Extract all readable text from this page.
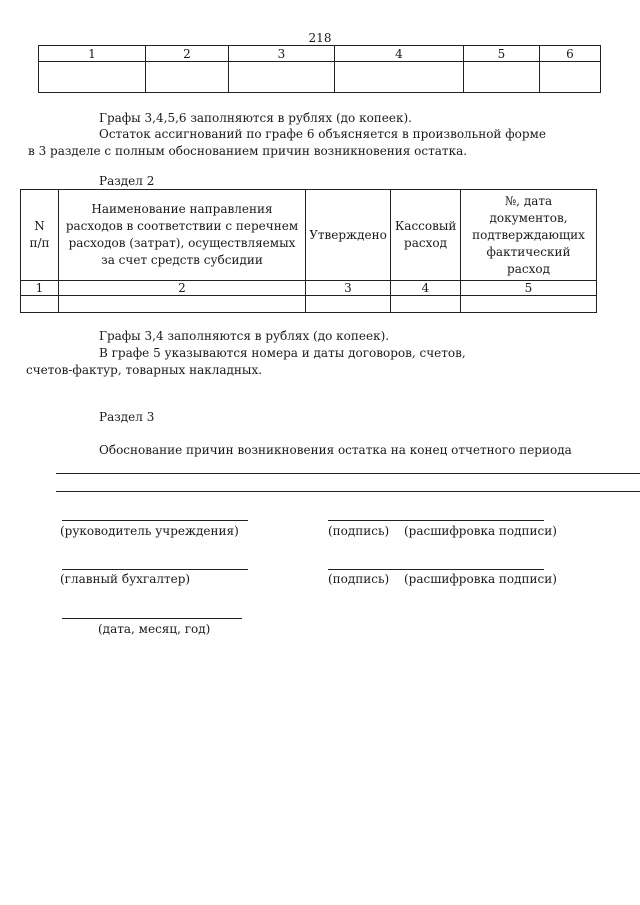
218
1	2	3	4	5	6

Графы 3,4,5,6 заполняются в рублях (до копеек).
Остаток ассигнований по графе 6 объясняется в произвольной форме
в 3 разделе с полным обоснованием причин возникновения остатка.
Раздел 2
N п/п	Наименование направления расходов в соответствии с перечнем расходов (затрат), осуществляемых за счет средств субсидии	Утверждено	Кассовый расход	№, дата документов, подтверждающих фактический расход
1	2	3	4	5

Графы 3,4 заполняются в рублях (до копеек).
В графе 5 указываются номера и даты договоров, счетов,
счетов-фактур, товарных накладных.
Раздел 3
Обоснование причин возникновения остатка на конец отчетного периода
(руководитель учреждения)	(подпись) (расшифровка подписи)
(главный бухгалтер)	(подпись) (расшифровка подписи)
(дата, месяц, год)
